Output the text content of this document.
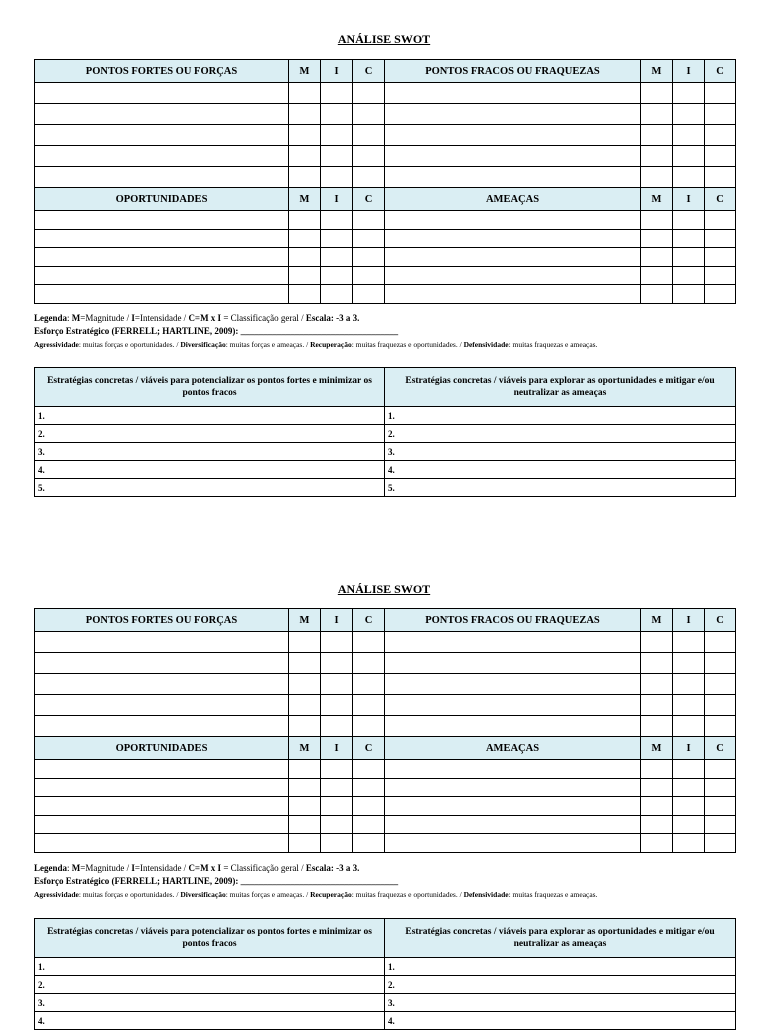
ANÁLISE SWOT
PONTOS FORTES OU FORÇAS	M	I	C	PONTOS FRACOS OU FRAQUEZAS	M	I	C

OPORTUNIDADES	M	I	C	AMEAÇAS	M	I	C

Legenda: M=Magnitude / I=Intensidade / C=M x I = Classificação geral / Escala: -3 a 3.
Esforço Estratégico (FERRELL; HARTLINE, 2009): ___________________________________
Agressividade: muitas forças e oportunidades. / Diversificação: muitas forças e ameaças. / Recuperação: muitas fraquezas e oportunidades. / Defensividade: muitas fraquezas e ameaças.
Estratégias concretas / viáveis para potencializar os pontos fortes e minimizar os pontos fracos	Estratégias concretas / viáveis para explorar as oportunidades e mitigar e/ou neutralizar as ameaças
1.	1.
2.	2.
3.	3.
4.	4.
5.	5.
ANÁLISE SWOT
PONTOS FORTES OU FORÇAS	M	I	C	PONTOS FRACOS OU FRAQUEZAS	M	I	C

OPORTUNIDADES	M	I	C	AMEAÇAS	M	I	C

Legenda: M=Magnitude / I=Intensidade / C=M x I = Classificação geral / Escala: -3 a 3.
Esforço Estratégico (FERRELL; HARTLINE, 2009): ___________________________________
Agressividade: muitas forças e oportunidades. / Diversificação: muitas forças e ameaças. / Recuperação: muitas fraquezas e oportunidades. / Defensividade: muitas fraquezas e ameaças.
Estratégias concretas / viáveis para potencializar os pontos fortes e minimizar os pontos fracos	Estratégias concretas / viáveis para explorar as oportunidades e mitigar e/ou neutralizar as ameaças
1.	1.
2.	2.
3.	3.
4.	4.
